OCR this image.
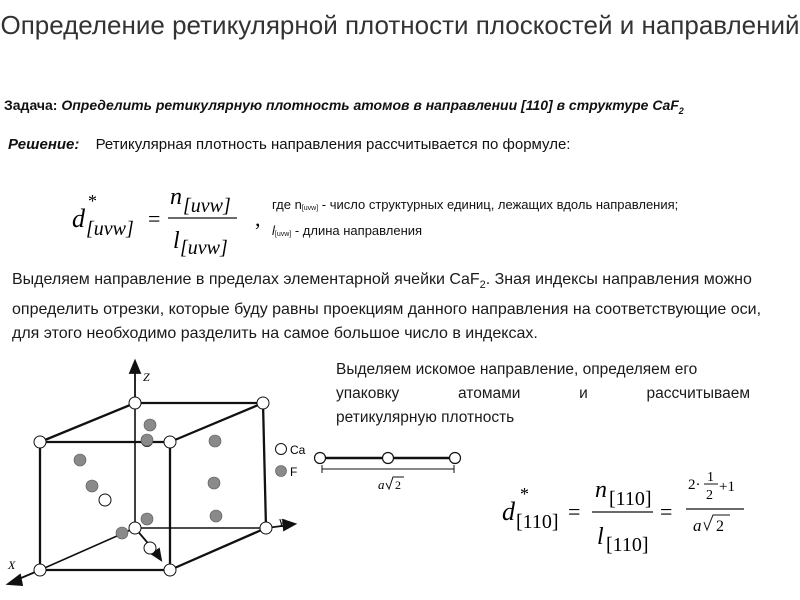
Определение ретикулярной плотности плоскостей и направлений
Задача: Определить ретикулярную плотность атомов в направлении [110] в структуре CaF$_2$
Решение: Ретикулярная плотность направления рассчитывается по формуле:
d
*
[uvw] =
n [uvw]
l [uvw]
,
где n[uvw] - число структурных единиц, лежащих вдоль направления;
l[uvw] - длина направления
Выделяем направление в пределах элементарной ячейки CaF$_2$. Зная индексы направления можно определить отрезки, которые буду равны проекциям данного направления на соответствующие оси, для этого необходимо разделить на самое большое число в индексах.
Выделяем искомое направление, определяем его
упаковку атомами и рассчитываем
ретикулярную плотность
Z
Y
X
Ca
F
a 2
d
*
[110] =
n [110]
l [110]
=
2· 1
2
+1
a 2
